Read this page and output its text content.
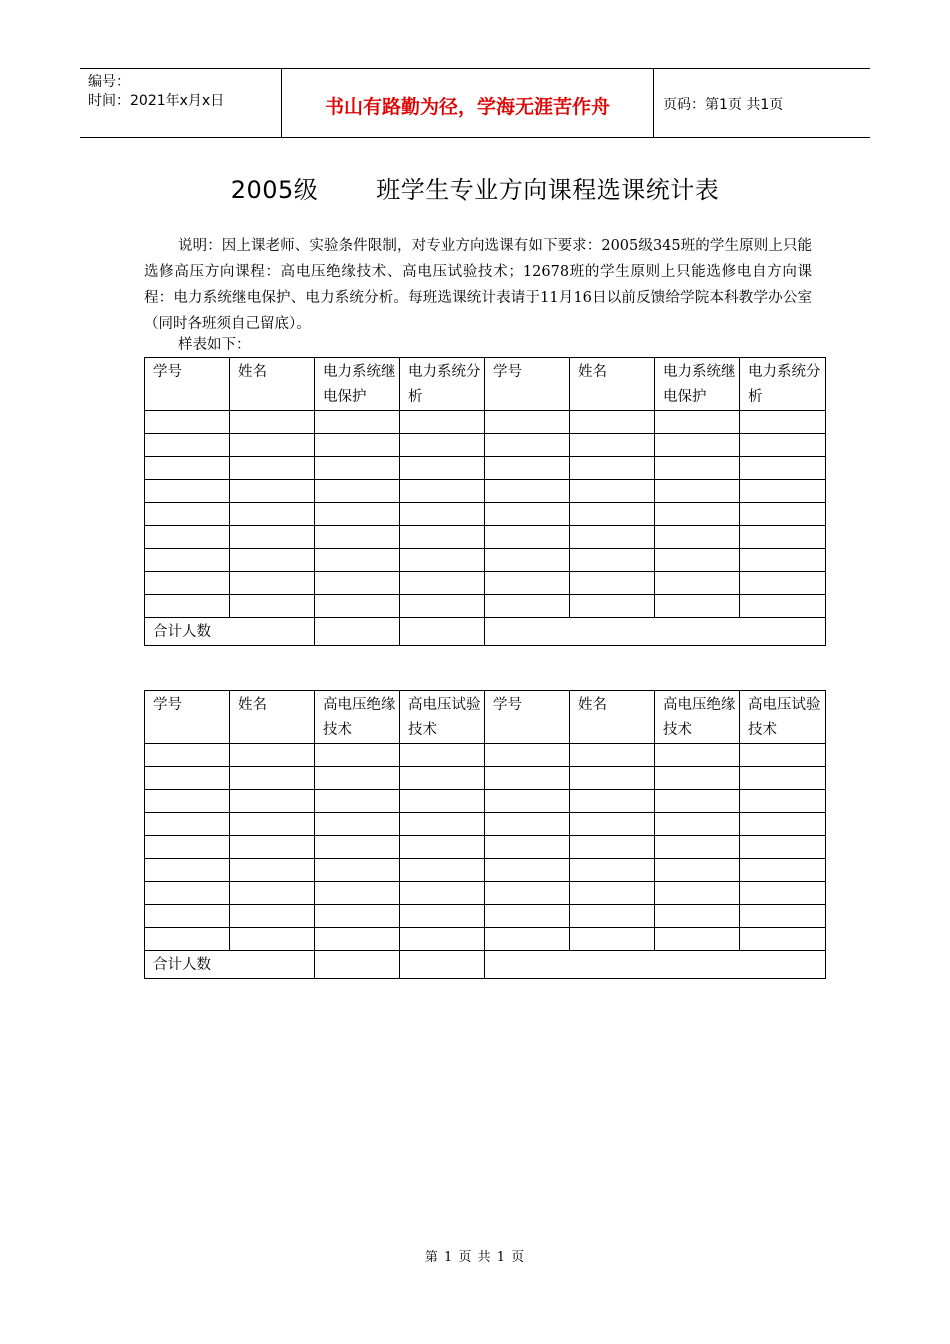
编号：
时间：2021年x月x日	书山有路勤为径，学海无涯苦作舟	页码：第1页 共1页
2005级 班学生专业方向课程选课统计表
说明：因上课老师、实验条件限制，对专业方向选课有如下要求：2005级345班的学生原则上只能选修高压方向课程：高电压绝缘技术、高电压试验技术；12678班的学生原则上只能选修电自方向课程：电力系统继电保护、电力系统分析。每班选课统计表请于11月16日以前反馈给学院本科教学办公室（同时各班须自己留底）。
样表如下：
学号	姓名	电力系统继电保护	电力系统分析	学号	姓名	电力系统继电保护	电力系统分析

合计人数							
学号	姓名	高电压绝缘技术	高电压试验技术	学号	姓名	高电压绝缘技术	高电压试验技术

合计人数							
第 1 页 共 1 页
